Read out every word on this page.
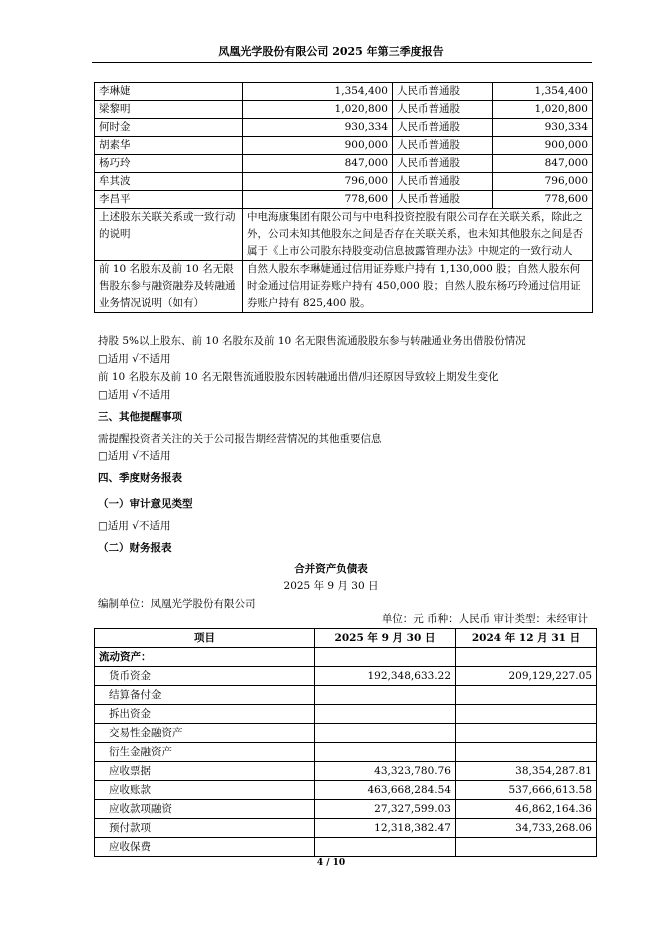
凤凰光学股份有限公司 2025 年第三季度报告
李琳婕	1,354,400	人民币普通股	1,354,400
梁黎明	1,020,800	人民币普通股	1,020,800
何时金	930,334	人民币普通股	930,334
胡素华	900,000	人民币普通股	900,000
杨巧玲	847,000	人民币普通股	847,000
牟其波	796,000	人民币普通股	796,000
李昌平	778,600	人民币普通股	778,600
上述股东关联关系或一致行动的说明	中电海康集团有限公司与中电科投资控股有限公司存在关联关系，除此之外，公司未知其他股东之间是否存在关联关系，也未知其他股东之间是否属于《上市公司股东持股变动信息披露管理办法》中规定的一致行动人		
前 10 名股东及前 10 名无限售股东参与融资融券及转融通业务情况说明（如有）	自然人股东李琳婕通过信用证券账户持有 1,130,000 股；自然人股东何时金通过信用证券账户持有 450,000 股；自然人股东杨巧玲通过信用证券账户持有 825,400 股。		
持股 5%以上股东、前 10 名股东及前 10 名无限售流通股股东参与转融通业务出借股份情况
□适用 √不适用
前 10 名股东及前 10 名无限售流通股股东因转融通出借/归还原因导致较上期发生变化
□适用 √不适用
三、其他提醒事项
需提醒投资者关注的关于公司报告期经营情况的其他重要信息
□适用 √不适用
四、季度财务报表
（一）审计意见类型
□适用 √不适用
（二）财务报表
合并资产负债表
2025 年 9 月 30 日
编制单位：凤凰光学股份有限公司
单位：元 币种：人民币 审计类型：未经审计
项目	2025 年 9 月 30 日	2024 年 12 月 31 日
流动资产：		
货币资金	192,348,633.22	209,129,227.05
结算备付金		
拆出资金		
交易性金融资产		
衍生金融资产		
应收票据	43,323,780.76	38,354,287.81
应收账款	463,668,284.54	537,666,613.58
应收款项融资	27,327,599.03	46,862,164.36
预付款项	12,318,382.47	34,733,268.06
应收保费		
4 / 10
